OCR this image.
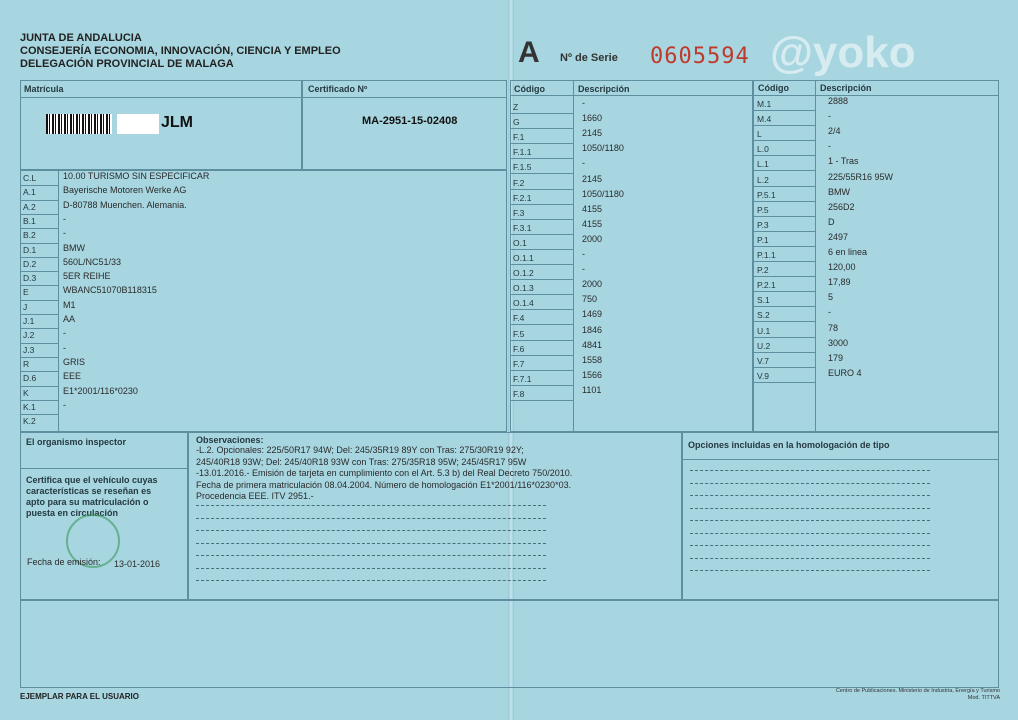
JUNTA DE ANDALUCIA
CONSEJERÍA ECONOMIA, INNOVACIÓN, CIENCIA Y EMPLEO
DELEGACIÓN PROVINCIAL DE MALAGA	A Nº de Serie 0605594 @yoko
Matrícula
JLM
Certificado Nº
MA-2951-15-02408
C.L	10.00 TURISMO SIN ESPECIFICAR
A.1	Bayerische Motoren Werke AG
A.2	D-80788 Muenchen. Alemania.
B.1	-
B.2	-
D.1	BMW
D.2	560L/NC51/33
D.3	5ER REIHE
E	WBANC51070B118315
J	M1
J.1	AA
J.2	-
J.3	-
R	GRIS
D.6	EEE
K	E1*2001/116*0230
K.1	-
K.2
Código	Descripción
Z	-
G	1660
F.1	2145
F.1.1	1050/1180
F.1.5	-
F.2	2145
F.2.1	1050/1180
F.3	4155
F.3.1	4155
O.1	2000
O.1.1	-
O.1.2	-
O.1.3	2000
O.1.4	750
F.4	1469
F.5	1846
F.6	4841
F.7	1558
F.7.1	1566
F.8	1101
Código	Descripción
M.1	2888
M.4	-
L	2/4
L.0	-
L.1	1 - Tras
L.2	225/55R16 95W
P.5.1	BMW
P.5	256D2
P.3	D
P.1	2497
P.1.1	6 en linea
P.2	120,00
P.2.1	17,89
S.1	5
S.2	-
U.1	78
U.2	3000
V.7	179
V.9	EURO 4
El organismo inspector
Certifica que el vehículo cuyas
características se reseñan es
apto para su matriculación o
puesta en circulación
Fecha de emisión: 13-01-2016
Observaciones:
-L.2. Opcionales: 225/50R17 94W; Del: 245/35R19 89Y con Tras: 275/30R19 92Y;
245/40R18 93W; Del: 245/40R18 93W con Tras: 275/35R18 95W; 245/45R17 95W
-13.01.2016.- Emisión de tarjeta en cumplimiento con el Art. 5.3 b) del Real Decreto 750/2010.
Fecha de primera matriculación 08.04.2004. Número de homologación E1*2001/116*0230*03.
Procedencia EEE. ITV 2951.-
Opciones incluidas en la homologación de tipo
EJEMPLAR PARA EL USUARIO
Centro de Publicaciones. Ministerio de Industria, Energía y Turismo
Mod. TITTVA
